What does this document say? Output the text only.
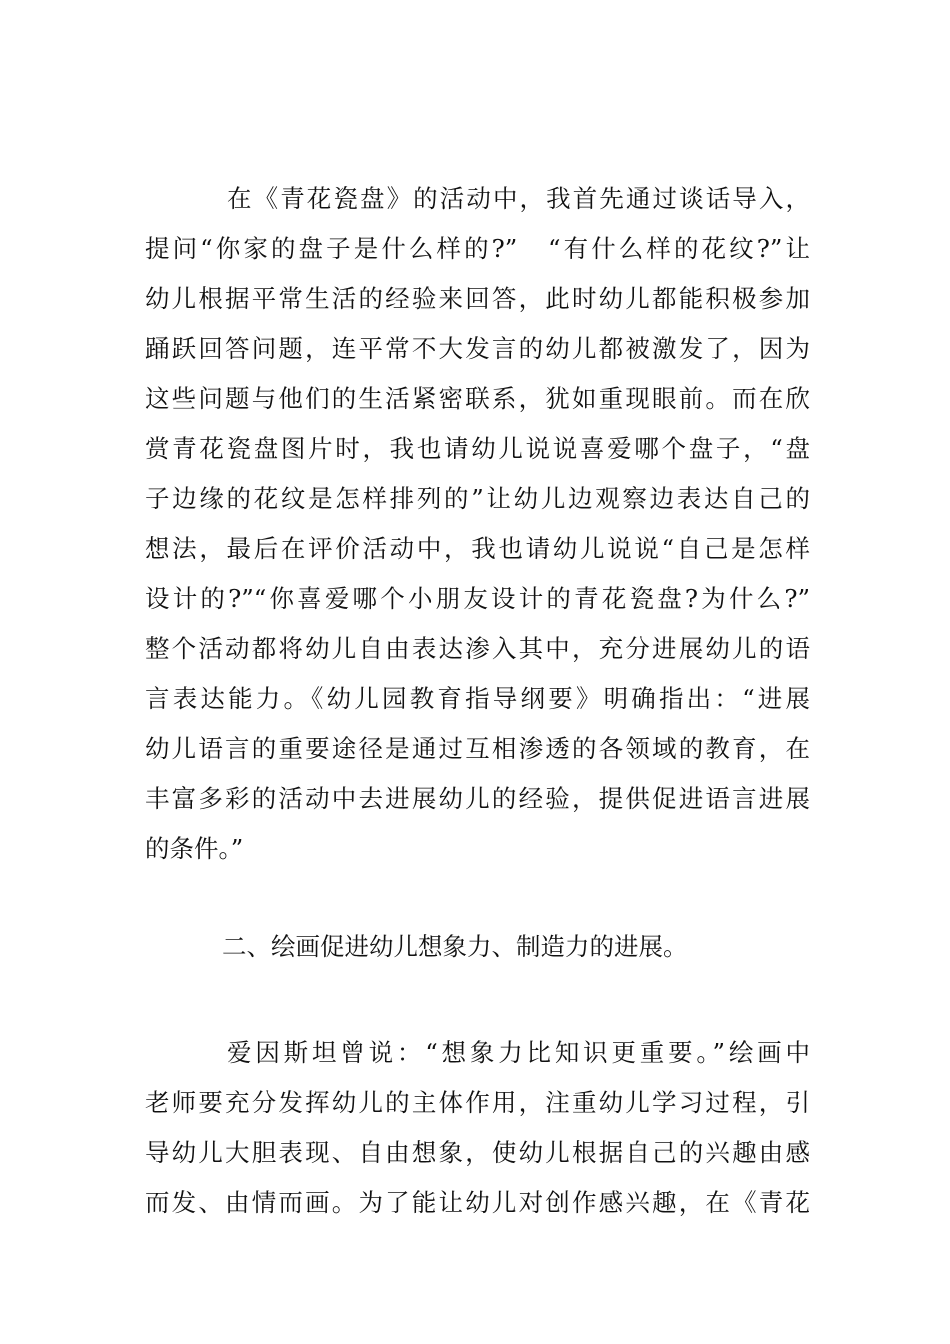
在《青花瓷盘》的活动中，我首先通过谈话导入，
提问“你家的盘子是什么样的?”　“有什么样的花纹?”让
幼儿根据平常生活的经验来回答，此时幼儿都能积极参加
踊跃回答问题，连平常不大发言的幼儿都被激发了，因为
这些问题与他们的生活紧密联系，犹如重现眼前。而在欣
赏青花瓷盘图片时，我也请幼儿说说喜爱哪个盘子，“盘
子边缘的花纹是怎样排列的”让幼儿边观察边表达自己的
想法，最后在评价活动中，我也请幼儿说说“自己是怎样
设计的?”“你喜爱哪个小朋友设计的青花瓷盘?为什么?”
整个活动都将幼儿自由表达渗入其中，充分进展幼儿的语
言表达能力。《幼儿园教育指导纲要》明确指出：“进展
幼儿语言的重要途径是通过互相渗透的各领域的教育，在
丰富多彩的活动中去进展幼儿的经验，提供促进语言进展
的条件。”
二、绘画促进幼儿想象力、制造力的进展。
爱因斯坦曾说：“想象力比知识更重要。”绘画中
老师要充分发挥幼儿的主体作用，注重幼儿学习过程，引
导幼儿大胆表现、自由想象，使幼儿根据自己的兴趣由感
而发、由情而画。为了能让幼儿对创作感兴趣，在《青花
